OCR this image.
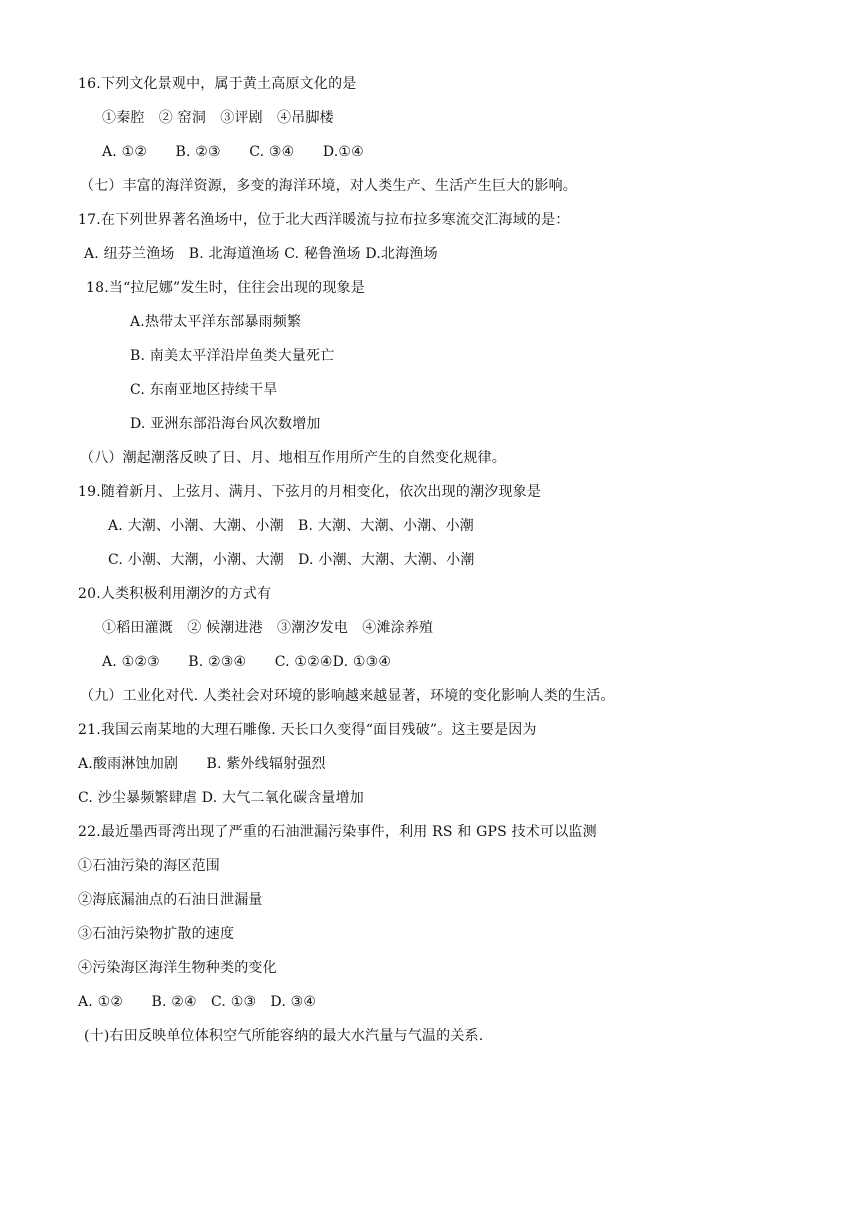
16.下列文化景观中，属于黄土高原文化的是
①秦腔　② 窑洞　③评剧　④吊脚楼
A. ①②　　B. ②③　　C. ③④　　D.①④
（七）丰富的海洋资源，多变的海洋环境，对人类生产、生活产生巨大的影响。
17.在下列世界著名渔场中，位于北大西洋暖流与拉布拉多寒流交汇海域的是：
A. 纽芬兰渔场　B. 北海道渔场 C. 秘鲁渔场 D.北海渔场
18.当“拉尼娜”发生时，住往会出现的现象是
A.热带太平洋东部暴雨频繁
B. 南美太平洋沿岸鱼类大量死亡
C. 东南亚地区持续干旱
D. 亚洲东部沿海台风次数增加
（八）潮起潮落反映了日、月、地相互作用所产生的自然变化规律。
19.随着新月、上弦月、满月、下弦月的月相变化，依次出现的潮汐现象是
A. 大潮、小潮、大潮、小潮　B. 大潮、大潮、小潮、小潮
C. 小潮、大潮，小潮、大潮　D. 小潮、大潮、大潮、小潮
20.人类积极利用潮汐的方式有
①稻田灌溉　② 候潮进港　③潮汐发电　④滩涂养殖
A. ①②③　　B. ②③④　　C. ①②④D. ①③④
（九）工业化对代. 人类社会对环境的影响越来越显著，环境的变化影响人类的生活。
21.我国云南某地的大理石雕像. 天长口久变得“面目残破”。这主要是因为
A.酸雨淋蚀加剧　　B. 紫外线辐射强烈
C. 沙尘暴频繁肆虐 D. 大气二氧化碳含量增加
22.最近墨西哥湾出现了严重的石油泄漏污染事件，利用 RS 和 GPS 技术可以监测
①石油污染的海区范围
②海底漏油点的石油日泄漏量
③石油污染物扩散的速度
④污染海区海洋生物种类的变化
A. ①②　　B. ②④　C. ①③　D. ③④
(十)右田反映单位体积空气所能容纳的最大水汽量与气温的关系.
